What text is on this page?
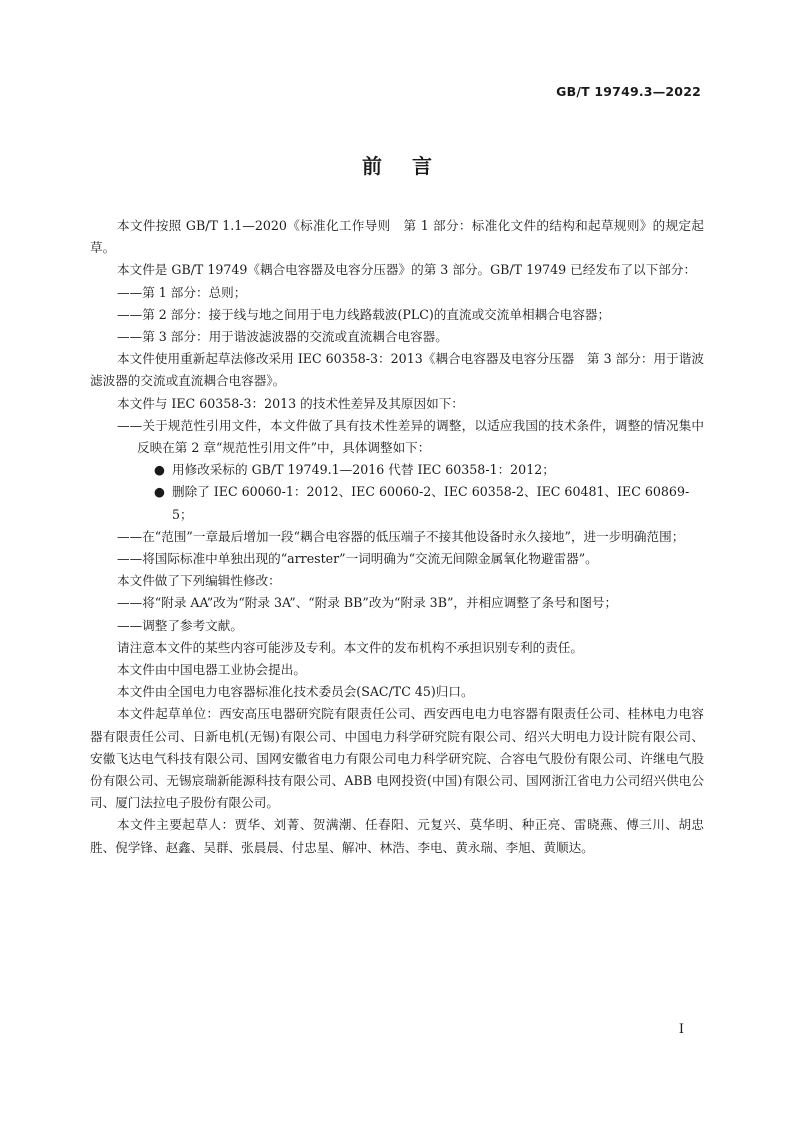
GB/T 19749.3—2022
前言

本文件按照 GB/T 1.1—2020《标准化工作导则　第 1 部分：标准化文件的结构和起草规则》的规定起草。

本文件是 GB/T 19749《耦合电容器及电容分压器》的第 3 部分。GB/T 19749 已经发布了以下部分：

——第 1 部分：总则；

——第 2 部分：接于线与地之间用于电力线路载波(PLC)的直流或交流单相耦合电容器；

——第 3 部分：用于谐波滤波器的交流或直流耦合电容器。

本文件使用重新起草法修改采用 IEC 60358-3：2013《耦合电容器及电容分压器　第 3 部分：用于谐波滤波器的交流或直流耦合电容器》。

本文件与 IEC 60358-3：2013 的技术性差异及其原因如下：

——关于规范性引用文件，本文件做了具有技术性差异的调整，以适应我国的技术条件，调整的情况集中反映在第 2 章“规范性引用文件”中，具体调整如下：

● 用修改采标的 GB/T 19749.1—2016 代替 IEC 60358-1：2012；

● 删除了 IEC 60060-1：2012、IEC 60060-2、IEC 60358-2、IEC 60481、IEC 60869-5；

——在“范围”一章最后增加一段“耦合电容器的低压端子不接其他设备时永久接地”，进一步明确范围；

——将国际标准中单独出现的“arrester”一词明确为“交流无间隙金属氧化物避雷器”。

本文件做了下列编辑性修改：

——将“附录 AA”改为“附录 3A”、“附录 BB”改为“附录 3B”，并相应调整了条号和图号；

——调整了参考文献。

请注意本文件的某些内容可能涉及专利。本文件的发布机构不承担识别专利的责任。

本文件由中国电器工业协会提出。

本文件由全国电力电容器标准化技术委员会(SAC/TC 45)归口。

本文件起草单位：西安高压电器研究院有限责任公司、西安西电电力电容器有限责任公司、桂林电力电容器有限责任公司、日新电机(无锡)有限公司、中国电力科学研究院有限公司、绍兴大明电力设计院有限公司、安徽飞达电气科技有限公司、国网安徽省电力有限公司电力科学研究院、合容电气股份有限公司、许继电气股份有限公司、无锡宸瑞新能源科技有限公司、ABB 电网投资(中国)有限公司、国网浙江省电力公司绍兴供电公司、厦门法拉电子股份有限公司。

本文件主要起草人：贾华、刘菁、贺满潮、任春阳、元复兴、莫华明、种正亮、雷晓燕、傅三川、胡忠胜、倪学锋、赵鑫、吴群、张晨晨、付忠星、解冲、林浩、李电、黄永瑞、李旭、黄顺达。

I
